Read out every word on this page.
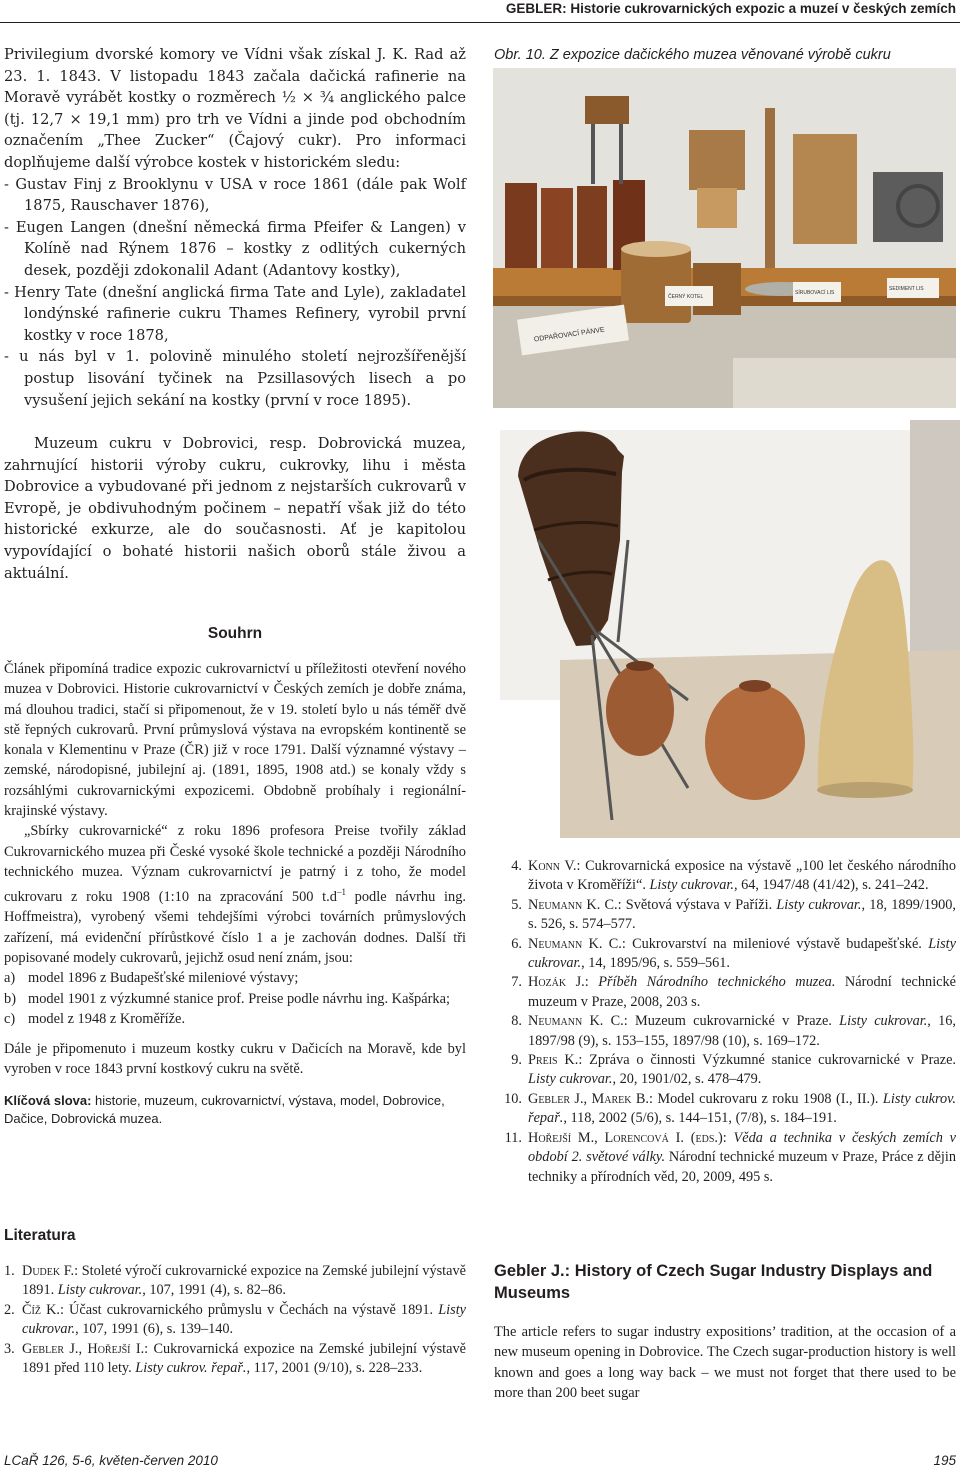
GEBLER: Historie cukrovarnických expozic a muzeí v českých zemích

Privilegium dvorské komory ve Vídni však získal J. K. Rad až 23. 1. 1843. V listopadu 1843 začala dačická rafinerie na Moravě vyrábět kostky o rozměrech ½ × ¾ anglického palce (tj. 12,7 × 19,1 mm) pro trh ve Vídni a jinde pod obchodním označením „Thee Zucker“ (Čajový cukr). Pro informaci doplňujeme další výrobce kostek v historickém sledu:

- Gustav Finj z Brooklynu v USA v roce 1861 (dále pak Wolf 1875, Rauschaver 1876),

- Eugen Langen (dnešní německá firma Pfeifer & Langen) v Kolíně nad Rýnem 1876 – kostky z odlitých cukerných desek, později zdokonalil Adant (Adantovy kostky),

- Henry Tate (dnešní anglická firma Tate and Lyle), zakladatel londýnské rafinerie cukru Thames Refinery, vyrobil první kostky v roce 1878,

- u nás byl v 1. polovině minulého století nejrozšířenější postup lisování tyčinek na Pzsillasových lisech a po vysušení jejich sekání na kostky (první v roce 1895).

Muzeum cukru v Dobrovici, resp. Dobrovická muzea, zahrnující historii výroby cukru, cukrovky, lihu i města Dobrovice a vybudované při jednom z nejstarších cukrovarů v Evropě, je obdivuhodným počinem – nepatří však již do této historické exkurze, ale do současnosti. Ať je kapitolou vypovídající o bohaté historii našich oborů stále živou a aktuální.

Obr. 10. Z expozice dačického muzea věnované výrobě cukru
ODPAŘOVACÍ PÁNVE
ČERNÝ KOTEL
SÍRUBOVACÍ LIS
SEDIMENT LIS
Souhrn

Článek připomíná tradice expozic cukrovarnictví u příležitosti otevření nového muzea v Dobrovici. Historie cukrovarnictví v Českých zemích je dobře známa, má dlouhou tradici, stačí si připomenout, že v 19. století bylo u nás téměř dvě stě řepných cukrovarů. První průmyslová výstava na evropském kontinentě se konala v Klementinu v Praze (ČR) již v roce 1791. Další významné výstavy – zemské, národopisné, jubilejní aj. (1891, 1895, 1908 atd.) se konaly vždy s rozsáhlými cukrovarnickými expozicemi. Obdobně probíhaly i regionální-krajinské výstavy.

„Sbírky cukrovarnické“ z roku 1896 profesora Preise tvořily základ Cukrovarnického muzea při České vysoké škole technické a později Národního technického muzea. Význam cukrovarnictví je patrný i z toho, že model cukrovaru z roku 1908 (1:10 na zpracování 500 $t.d^{-1}$ podle návrhu ing. Hoffmeistra), vyrobený všemi tehdejšími výrobci továrních průmyslových zařízení, má evidenční přírůstkové číslo 1 a je zachován dodnes. Další tři popisované modely cukrovarů, jejichž osud není znám, jsou:

a) model 1896 z Budapešťské mileniové výstavy;
b) model 1901 z výzkumné stanice prof. Preise podle návrhu ing. Kašpárka;
c) model z 1948 z Kroměříže.

Dále je připomenuto i muzeum kostky cukru v Dačicích na Moravě, kde byl vyroben v roce 1843 první kostkový cukru na světě.

Klíčová slova: historie, muzeum, cukrovarnictví, výstava, model, Dobrovice, Dačice, Dobrovická muzea.

Literatura
1. Dudek F.: Stoleté výročí cukrovarnické expozice na Zemské jubilejní výstavě 1891. Listy cukrovar., 107, 1991 (4), s. 82–86.
2. Číž K.: Účast cukrovarnického průmyslu v Čechách na výstavě 1891. Listy cukrovar., 107, 1991 (6), s. 139–140.
3. Gebler J., Hořejší I.: Cukrovarnická expozice na Zemské jubilejní výstavě 1891 před 110 lety. Listy cukrov. řepař., 117, 2001 (9/10), s. 228–233.
4. Konn V.: Cukrovarnická exposice na výstavě „100 let českého národního života v Kroměříži“. Listy cukrovar., 64, 1947/48 (41/42), s. 241–242.
5. Neumann K. C.: Světová výstava v Paříži. Listy cukrovar., 18, 1899/1900, s. 526, s. 574–577.
6. Neumann K. C.: Cukrovarství na mileniové výstavě budapešťské. Listy cukrovar., 14, 1895/96, s. 559–561.
7. Hozák J.: Příběh Národního technického muzea. Národní technické muzeum v Praze, 2008, 203 s.
8. Neumann K. C.: Muzeum cukrovarnické v Praze. Listy cukrovar., 16, 1897/98 (9), s. 153–155, 1897/98 (10), s. 169–172.
9. Preis K.: Zpráva o činnosti Výzkumné stanice cukrovarnické v Praze. Listy cukrovar., 20, 1901/02, s. 478–479.
10. Gebler J., Marek B.: Model cukrovaru z roku 1908 (I., II.). Listy cukrov. řepař., 118, 2002 (5/6), s. 144–151, (7/8), s. 184–191.
11. Hořejší M., Lorencová I. (eds.): Věda a technika v českých zemích v období 2. světové války. Národní technické muzeum v Praze, Práce z dějin techniky a přírodních věd, 20, 2009, 495 s.
Gebler J.: History of Czech Sugar Industry Displays and Museums

The article refers to sugar industry expositions’ tradition, at the occasion of a new museum opening in Dobrovice. The Czech sugar-production history is well known and goes a long way back – we must not forget that there used to be more than 200 beet sugar

LCaŘ 126, 5-6, květen-červen 2010	195
